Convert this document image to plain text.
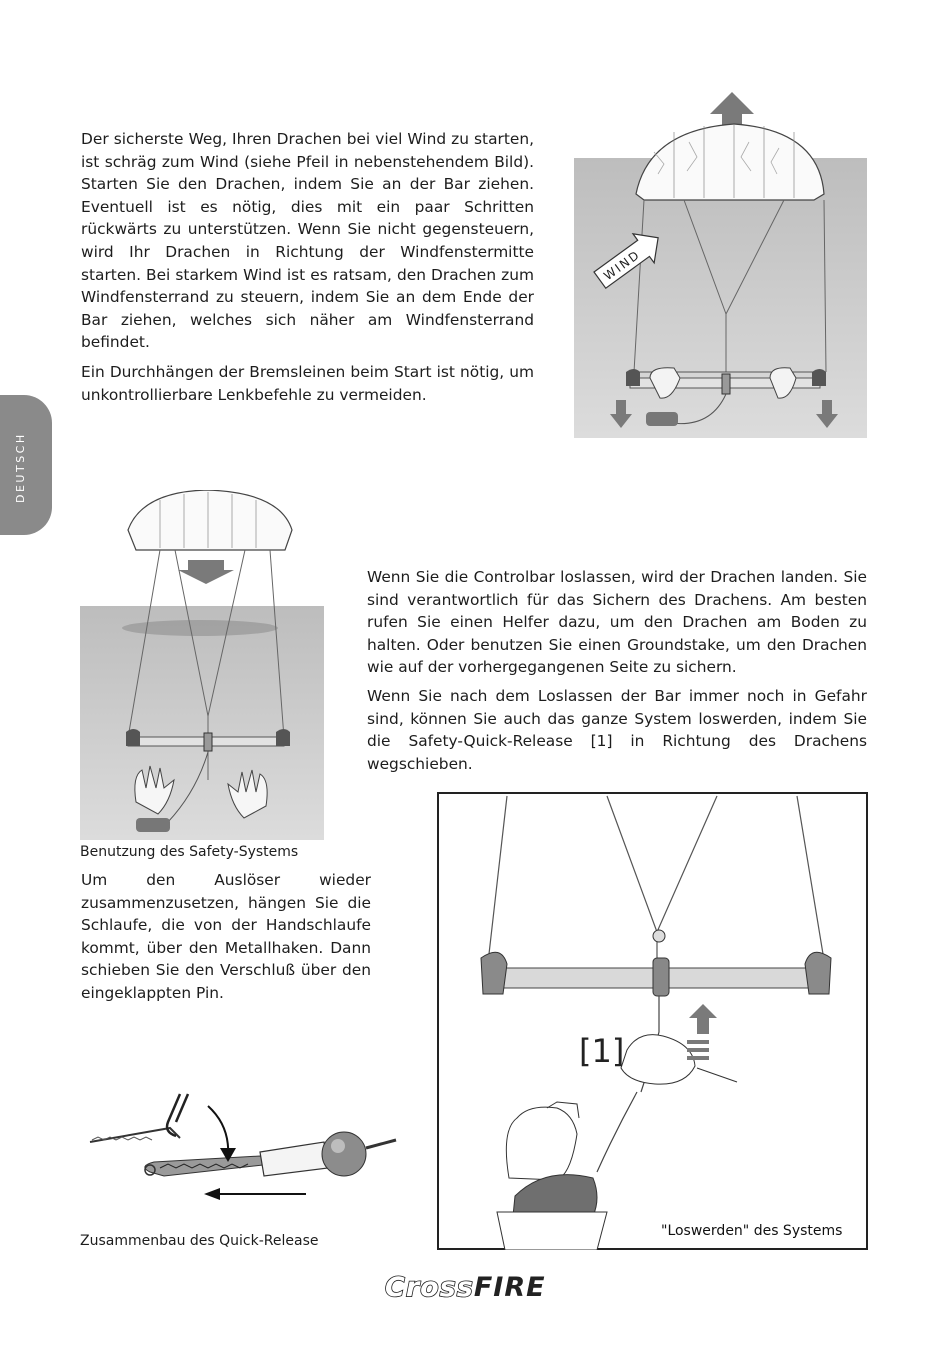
DEUTSCH

Der sicherste Weg, Ihren Drachen bei viel Wind zu starten, ist schräg zum Wind (siehe Pfeil in nebenstehendem Bild). Starten Sie den Drachen, indem Sie an der Bar ziehen. Eventuell ist es nötig, dies mit ein paar Schritten rückwärts zu unterstützen. Wenn Sie nicht gegensteuern, wird Ihr Drachen in Richtung der Windfenstermitte starten. Bei starkem Wind ist es ratsam, den Drachen zum Windfensterrand zu steuern, indem Sie an dem Ende der Bar ziehen, welches sich näher am Windfensterrand befindet.

Ein Durchhängen der Bremsleinen beim Start ist nötig, um unkontrollierbare Lenkbefehle zu vermeiden.

WIND

Benutzung des Safety-Systems

Wenn Sie die Controlbar loslassen, wird der Drachen landen. Sie sind verantwortlich für das Sichern des Drachens. Am besten rufen Sie einen Helfer dazu, um den Drachen am Boden zu halten. Oder benutzen Sie einen Groundstake, um den Drachen wie auf der vorhergegangenen Seite zu sichern.

Wenn Sie nach dem Loslassen der Bar immer noch in Gefahr sind, können Sie auch das ganze System loswerden, indem Sie die Safety-Quick-Release [1] in Richtung des Drachens wegschieben.

Um den Auslöser wieder zusammenzusetzen, hängen Sie die Schlaufe, die von der Handschlaufe kommt, über den Metallhaken. Dann schieben Sie den Verschluß über den eingeklappten Pin.

Zusammenbau des Quick-Release

[1]
"Loswerden" des Systems
CrossFIRE
